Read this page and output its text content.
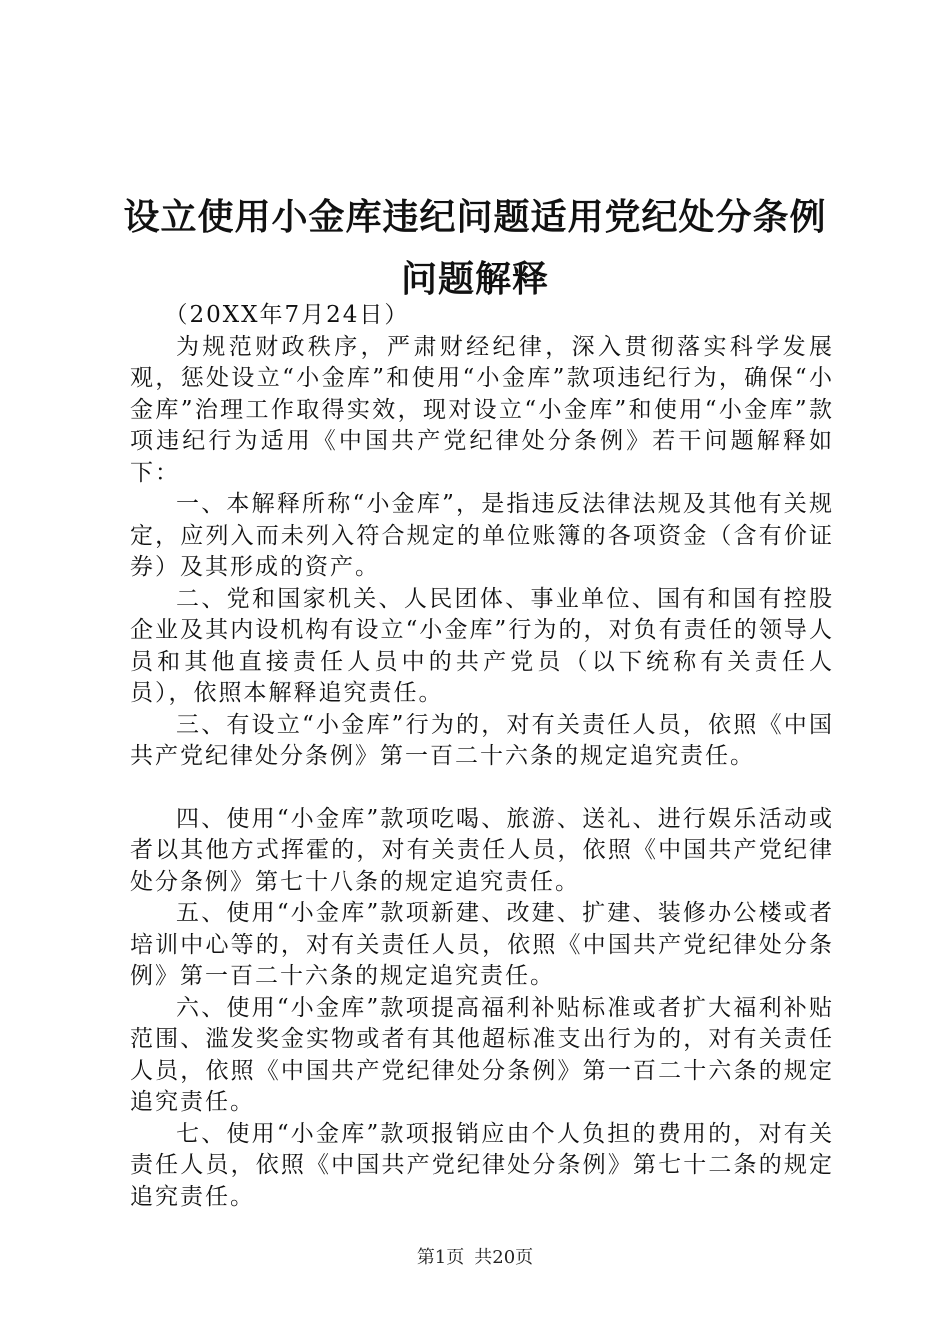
设立使用小金库违纪问题适用党纪处分条例问题解释

（20XX年7月24日）

为规范财政秩序，严肃财经纪律，深入贯彻落实科学发展观，惩处设立“小金库”和使用“小金库”款项违纪行为，确保“小金库”治理工作取得实效，现对设立“小金库”和使用“小金库”款项违纪行为适用《中国共产党纪律处分条例》若干问题解释如下：

一、本解释所称“小金库”，是指违反法律法规及其他有关规定，应列入而未列入符合规定的单位账簿的各项资金（含有价证券）及其形成的资产。

二、党和国家机关、人民团体、事业单位、国有和国有控股企业及其内设机构有设立“小金库”行为的，对负有责任的领导人员和其他直接责任人员中的共产党员（以下统称有关责任人员），依照本解释追究责任。

三、有设立“小金库”行为的，对有关责任人员，依照《中国共产党纪律处分条例》第一百二十六条的规定追究责任。

四、使用“小金库”款项吃喝、旅游、送礼、进行娱乐活动或者以其他方式挥霍的，对有关责任人员，依照《中国共产党纪律处分条例》第七十八条的规定追究责任。

五、使用“小金库”款项新建、改建、扩建、装修办公楼或者培训中心等的，对有关责任人员，依照《中国共产党纪律处分条例》第一百二十六条的规定追究责任。

六、使用“小金库”款项提高福利补贴标准或者扩大福利补贴范围、滥发奖金实物或者有其他超标准支出行为的，对有关责任人员，依照《中国共产党纪律处分条例》第一百二十六条的规定追究责任。

七、使用“小金库”款项报销应由个人负担的费用的，对有关责任人员，依照《中国共产党纪律处分条例》第七十二条的规定追究责任。

第1页 共20页
